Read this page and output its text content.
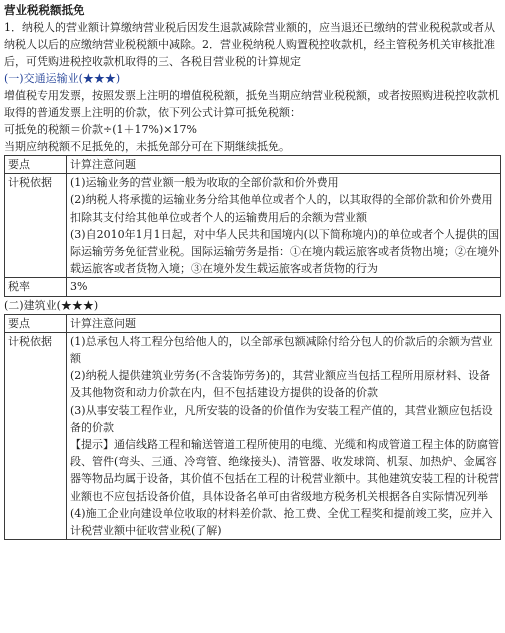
营业税税额抵免

1．纳税人的营业额计算缴纳营业税后因发生退款减除营业额的，应当退还已缴纳的营业税税款或者从纳税人以后的应缴纳营业税税额中减除。2．营业税纳税人购置税控收款机，经主管税务机关审核批准后，可凭购进税控收款机取得的三、各税目营业税的计算规定

(一)交通运输业(★★★)

增值税专用发票，按照发票上注明的增值税税额，抵免当期应纳营业税税额，或者按照购进税控收款机取得的普通发票上注明的价款，依下列公式计算可抵免税额：

可抵免的税额＝价款÷(1＋17%)×17%

当期应纳税额不足抵免的，未抵免部分可在下期继续抵免。

要点	计算注意问题
计税依据	(1)运输业务的营业额一般为收取的全部价款和价外费用

(2)纳税人将承揽的运输业务分给其他单位或者个人的，以其取得的全部价款和价外费用扣除其支付给其他单位或者个人的运输费用后的余额为营业额

(3)自2010年1月1日起，对中华人民共和国境内(以下简称境内)的单位或者个人提供的国际运输劳务免征营业税。国际运输劳务是指：①在境内载运旅客或者货物出境；②在境外载运旅客或者货物入境；③在境外发生载运旅客或者货物的行为

税率	3%

(二)建筑业(★★★)

要点	计算注意问题
计税依据	(1)总承包人将工程分包给他人的，以全部承包额减除付给分包人的价款后的余额为营业额

(2)纳税人提供建筑业劳务(不含装饰劳务)的，其营业额应当包括工程所用原材料、设备及其他物资和动力价款在内，但不包括建设方提供的设备的价款

(3)从事安装工程作业，凡所安装的设备的价值作为安装工程产值的，其营业额应包括设备的价款

【提示】通信线路工程和输送管道工程所使用的电缆、光缆和构成管道工程主体的防腐管段、管件(弯头、三通、冷弯管、绝缘接头)、清管器、收发球筒、机泵、加热炉、金属容器等物品均属于设备，其价值不包括在工程的计税营业额中。其他建筑安装工程的计税营业额也不应包括设备价值，具体设备名单可由省级地方税务机关根据各自实际情况列举

(4)施工企业向建设单位收取的材料差价款、抢工费、全优工程奖和提前竣工奖，应并入计税营业额中征收营业税(了解)
